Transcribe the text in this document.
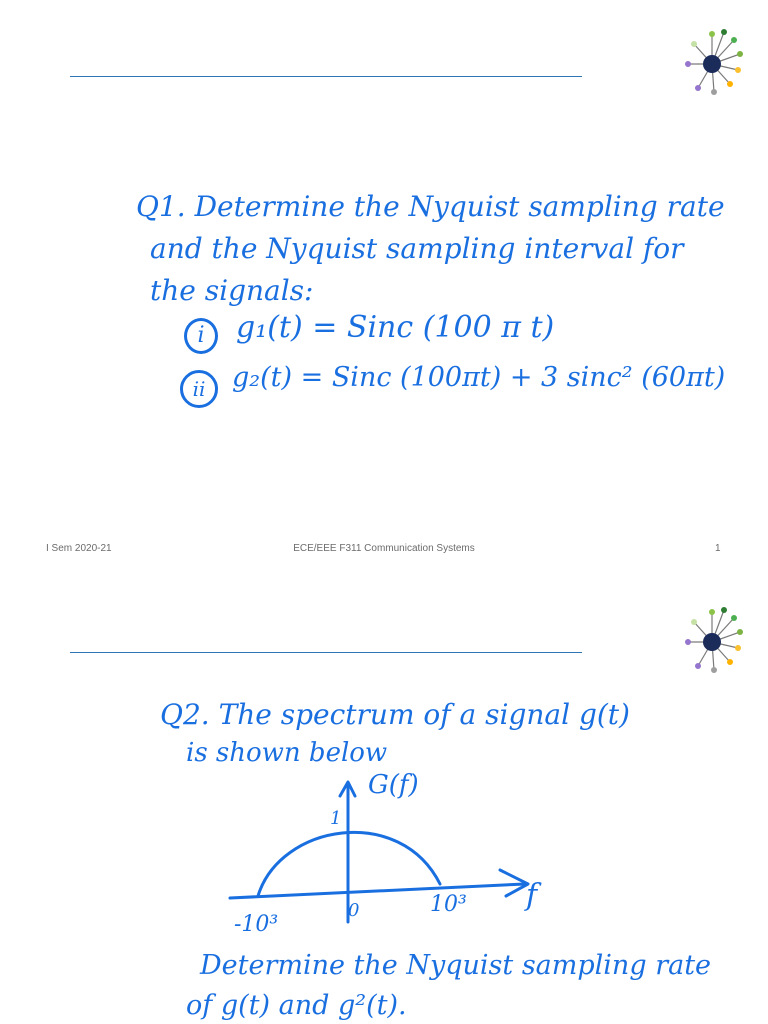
Q1. Determine the Nyquist sampling rate
and the Nyquist sampling interval for
the signals:
i	g₁(t) = Sinc (100 π t)
ii g₂(t) = Sinc (100πt) + 3 sinc² (60πt)
I Sem 2020-21	ECE/EEE F311 Communication Systems	1
Q2. The spectrum of a signal g(t)
is shown below
G(f)
1
f
-10³
0	10³
Determine the Nyquist sampling rate
of g(t) and g²(t).
